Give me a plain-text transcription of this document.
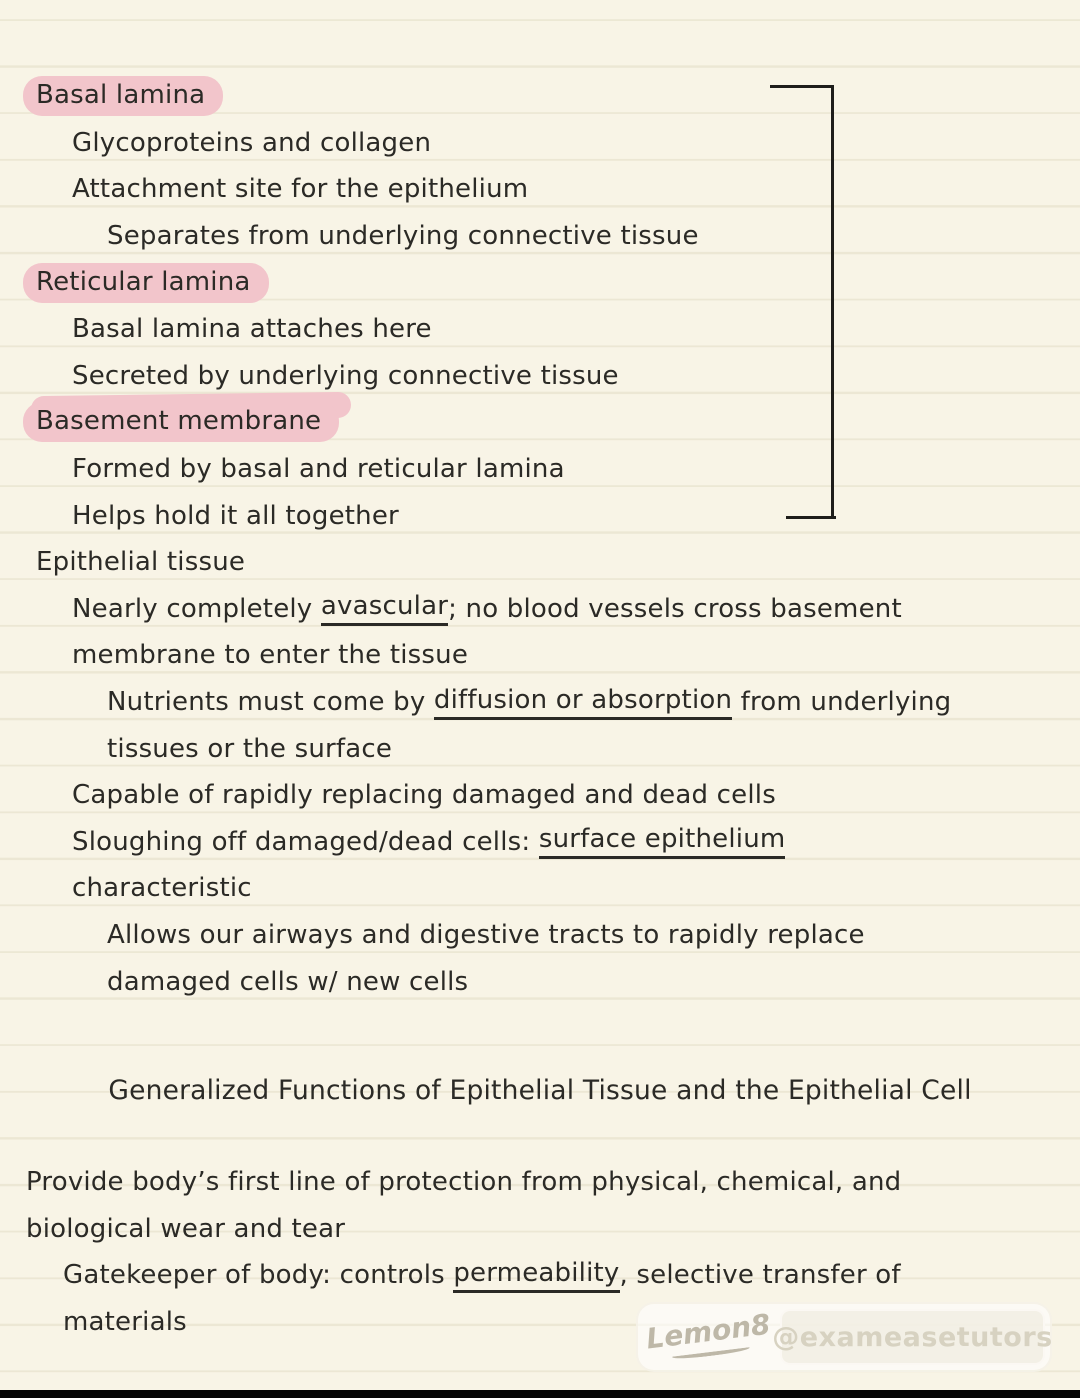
Basal lamina
Glycoproteins and collagen
Attachment site for the epithelium
Separates from underlying connective tissue
Reticular lamina
Basal lamina attaches here
Secreted by underlying connective tissue
Basement membrane
Formed by basal and reticular lamina
Helps hold it all together
Epithelial tissue
Nearly completely avascular ; no blood vessels cross basement
membrane to enter the tissue
Nutrients must come by diffusion or absorption from underlying
tissues or the surface
Capable of rapidly replacing damaged and dead cells
Sloughing off damaged/dead cells: surface epithelium
characteristic
Allows our airways and digestive tracts to rapidly replace
damaged cells w/ new cells
Generalized Functions of Epithelial Tissue and the Epithelial Cell
Provide body’s first line of protection from physical, chemical, and
biological wear and tear
Gatekeeper of body: controls permeability , selective transfer of
materials	Lemon8 @exameasetutors
